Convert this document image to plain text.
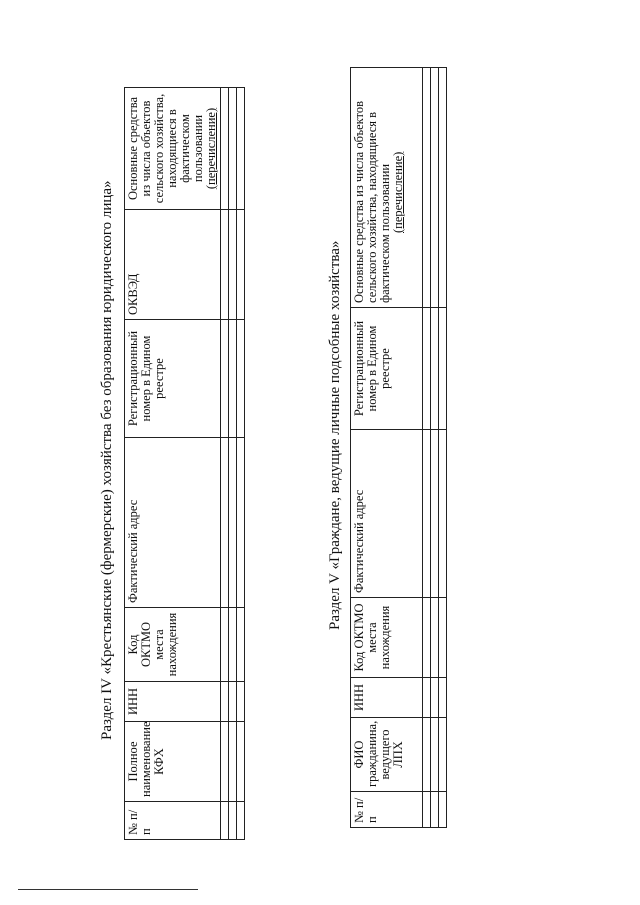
Раздел IV «Крестьянские (фермерские) хозяйства без образования юридического лица»
№ п/п	Полное наименование КФХ	ИНН	Код ОКТМО места нахождения	Фактический адрес	Регистрационный номер в Едином реестре	ОКВЭД	Основные средства из числа объектов сельского хозяйства, находящиеся в фактическом пользовании
(перечисление)

Раздел V «Граждане, ведущие личные подсобные хозяйства»
№ п/п	ФИО гражданина, ведущего ЛПХ	ИНН	Код ОКТМО места нахождения	Фактический адрес	Регистрационный номер в Едином реестре	Основные средства из числа объектов сельского хозяйства, находящиеся в фактическом пользовании
(перечисление)
